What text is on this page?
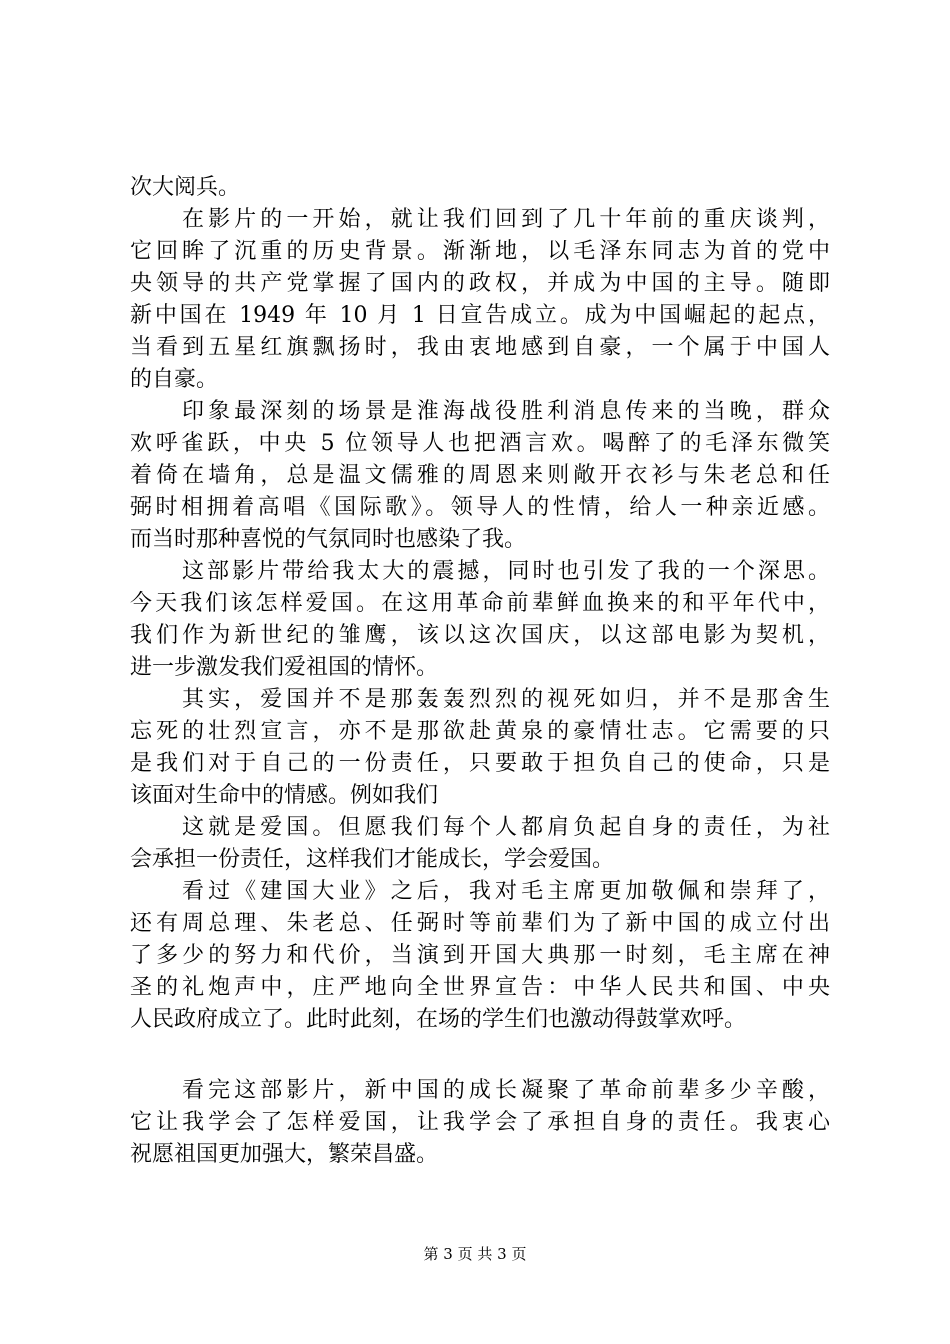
次大阅兵。
在影片的一开始，就让我们回到了几十年前的重庆谈判，
它回眸了沉重的历史背景。渐渐地，以毛泽东同志为首的党中
央领导的共产党掌握了国内的政权，并成为中国的主导。随即
新中国在 1949 年 10 月 1 日宣告成立。成为中国崛起的起点，
当看到五星红旗飘扬时，我由衷地感到自豪，一个属于中国人
的自豪。
印象最深刻的场景是淮海战役胜利消息传来的当晚，群众
欢呼雀跃，中央 5 位领导人也把酒言欢。喝醉了的毛泽东微笑
着倚在墙角，总是温文儒雅的周恩来则敞开衣衫与朱老总和任
弼时相拥着高唱《国际歌》。领导人的性情，给人一种亲近感。
而当时那种喜悦的气氛同时也感染了我。
这部影片带给我太大的震撼，同时也引发了我的一个深思。
今天我们该怎样爱国。在这用革命前辈鲜血换来的和平年代中，
我们作为新世纪的雏鹰，该以这次国庆，以这部电影为契机，
进一步激发我们爱祖国的情怀。
其实，爱国并不是那轰轰烈烈的视死如归，并不是那舍生
忘死的壮烈宣言，亦不是那欲赴黄泉的豪情壮志。它需要的只
是我们对于自己的一份责任，只要敢于担负自己的使命，只是
该面对生命中的情感。例如我们
这就是爱国。但愿我们每个人都肩负起自身的责任，为社
会承担一份责任，这样我们才能成长，学会爱国。
看过《建国大业》之后，我对毛主席更加敬佩和崇拜了，
还有周总理、朱老总、任弼时等前辈们为了新中国的成立付出
了多少的努力和代价，当演到开国大典那一时刻，毛主席在神
圣的礼炮声中，庄严地向全世界宣告：中华人民共和国、中央
人民政府成立了。此时此刻，在场的学生们也激动得鼓掌欢呼。
看完这部影片，新中国的成长凝聚了革命前辈多少辛酸，
它让我学会了怎样爱国，让我学会了承担自身的责任。我衷心
祝愿祖国更加强大，繁荣昌盛。
第 3 页 共 3 页
